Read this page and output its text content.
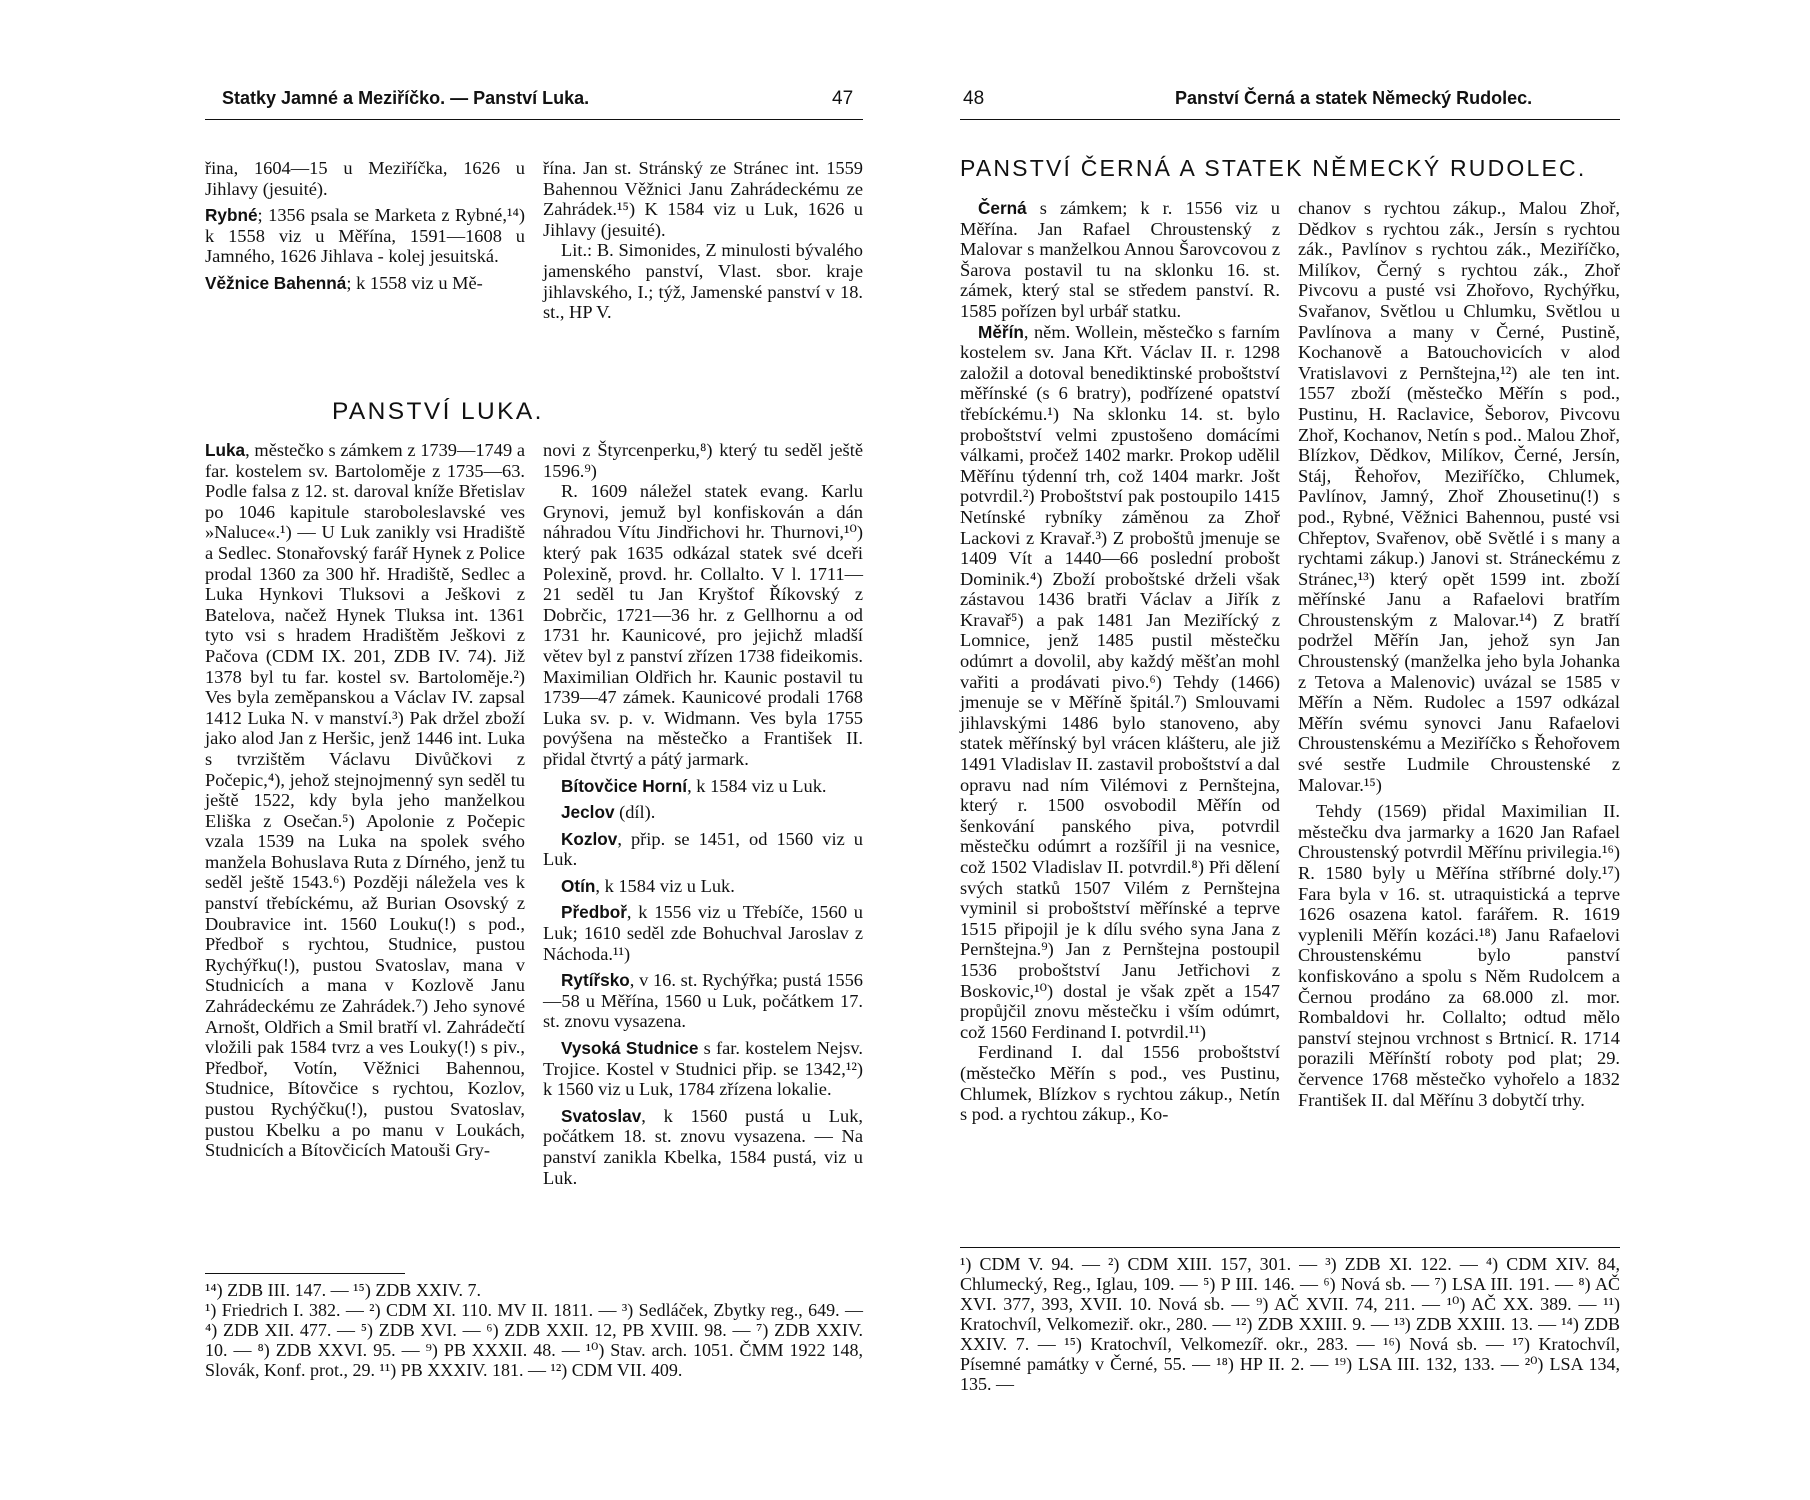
Statky Jamné a Meziříčko. — Panství Luka.	47

řina, 1604—15 u Meziříčka, 1626 u Jihlavy (jesuité).

Rybné; 1356 psala se Marketa z Rybné,¹⁴) k 1558 viz u Měřína, 1591—1608 u Jamného, 1626 Jihlava - kolej jesuitská.

Věžnice Bahenná; k 1558 viz u Mě-

řína. Jan st. Stránský ze Stránec int. 1559 Bahennou Věžnici Janu Zahrádeckému ze Zahrádek.¹⁵) K 1584 viz u Luk, 1626 u Jihlavy (jesuité).

Lit.: B. Simonides, Z minulosti bývalého jamenského panství, Vlast. sbor. kraje jihlavského, I.; týž, Jamenské panství v 18. st., HP V.

PANSTVÍ LUKA.

Luka, městečko s zámkem z 1739—1749 a far. kostelem sv. Bartoloměje z 1735—63. Podle falsa z 12. st. daroval kníže Břetislav po 1046 kapitule staroboleslavské ves »Naluce«.¹) — U Luk zanikly vsi Hradiště a Sedlec. Stonařovský farář Hynek z Police prodal 1360 za 300 hř. Hradiště, Sedlec a Luka Hynkovi Tluksovi a Ješkovi z Batelova, načež Hynek Tluksa int. 1361 tyto vsi s hradem Hradištěm Ješkovi z Pačova (CDM IX. 201, ZDB IV. 74). Již 1378 byl tu far. kostel sv. Bartoloměje.²) Ves byla zeměpanskou a Václav IV. zapsal 1412 Luka N. v manství.³) Pak držel zboží jako alod Jan z Heršic, jenž 1446 int. Luka s tvrzištěm Václavu Divůčkovi z Počepic,⁴), jehož stejnojmenný syn seděl tu ještě 1522, kdy byla jeho manželkou Eliška z Osečan.⁵) Apolonie z Počepic vzala 1539 na Luka na spolek svého manžela Bohuslava Ruta z Dírného, jenž tu seděl ještě 1543.⁶) Později náležela ves k panství třebíckému, až Burian Osovský z Doubravice int. 1560 Louku(!) s pod., Předboř s rychtou, Studnice, pustou Rychýřku(!), pustou Svatoslav, mana v Studnicích a mana v Kozlově Janu Zahrádeckému ze Zahrádek.⁷) Jeho synové Arnošt, Oldřich a Smil bratří vl. Zahrádečtí vložili pak 1584 tvrz a ves Louky(!) s piv., Předboř, Votín, Věžnici Bahennou, Studnice, Bítovčice s rychtou, Kozlov, pustou Rychýčku(!), pustou Svatoslav, pustou Kbelku a po manu v Loukách, Studnicích a Bítovčicích Matouši Gry-

novi z Štyrcenperku,⁸) který tu seděl ještě 1596.⁹)

R. 1609 náležel statek evang. Karlu Grynovi, jemuž byl konfiskován a dán náhradou Vítu Jindřichovi hr. Thurnovi,¹⁰) který pak 1635 odkázal statek své dceři Polexině, provd. hr. Collalto. V l. 1711—21 seděl tu Jan Kryštof Říkovský z Dobrčic, 1721—36 hr. z Gellhornu a od 1731 hr. Kaunicové, pro jejichž mladší větev byl z panství zřízen 1738 fideikomis. Maximilian Oldřich hr. Kaunic postavil tu 1739—47 zámek. Kaunicové prodali 1768 Luka sv. p. v. Widmann. Ves byla 1755 povýšena na městečko a František II. přidal čtvrtý a pátý jarmark.

Bítovčice Horní, k 1584 viz u Luk.

Jeclov (díl).

Kozlov, přip. se 1451, od 1560 viz u Luk.

Otín, k 1584 viz u Luk.

Předboř, k 1556 viz u Třebíče, 1560 u Luk; 1610 seděl zde Bohuchval Jaroslav z Náchoda.¹¹)

Rytířsko, v 16. st. Rychýřka; pustá 1556—58 u Měřína, 1560 u Luk, počátkem 17. st. znovu vysazena.

Vysoká Studnice s far. kostelem Nejsv. Trojice. Kostel v Studnici přip. se 1342,¹²) k 1560 viz u Luk, 1784 zřízena lokalie.

Svatoslav, k 1560 pustá u Luk, počátkem 18. st. znovu vysazena. — Na panství zanikla Kbelka, 1584 pustá, viz u Luk.

¹⁴) ZDB III. 147. — ¹⁵) ZDB XXIV. 7.

¹) Friedrich I. 382. — ²) CDM XI. 110. MV II. 1811. — ³) Sedláček, Zbytky reg., 649. — ⁴) ZDB XII. 477. — ⁵) ZDB XVI. — ⁶) ZDB XXII. 12, PB XVIII. 98. — ⁷) ZDB XXIV. 10. — ⁸) ZDB XXVI. 95. — ⁹) PB XXXII. 48. — ¹⁰) Stav. arch. 1051. ČMM 1922 148, Slovák, Konf. prot., 29. ¹¹) PB XXXIV. 181. — ¹²) CDM VII. 409.

48	Panství Černá a statek Německý Rudolec.
PANSTVÍ ČERNÁ A STATEK NĚMECKÝ RUDOLEC.

Černá s zámkem; k r. 1556 viz u Měřína. Jan Rafael Chroustenský z Malovar s manželkou Annou Šarovcovou z Šarova postavil tu na sklonku 16. st. zámek, který stal se středem panství. R. 1585 pořízen byl urbář statku.

Měřín, něm. Wollein, městečko s farním kostelem sv. Jana Křt. Václav II. r. 1298 založil a dotoval benediktinské proboštství měřínské (s 6 bratry), podřízené opatství třebíckému.¹) Na sklonku 14. st. bylo proboštství velmi zpustošeno domácími válkami, pročež 1402 markr. Prokop udělil Měřínu týdenní trh, což 1404 markr. Jošt potvrdil.²) Proboštství pak postoupilo 1415 Netínské rybníky záměnou za Zhoř Lackovi z Kravař.³) Z proboštů jmenuje se 1409 Vít a 1440—66 poslední probošt Dominik.⁴) Zboží proboštské drželi však zástavou 1436 bratři Václav a Jiřík z Kravař⁵) a pak 1481 Jan Meziřícký z Lomnice, jenž 1485 pustil městečku odúmrt a dovolil, aby každý měšťan mohl vařiti a prodávati pivo.⁶) Tehdy (1466) jmenuje se v Měříně špitál.⁷) Smlouvami jihlavskými 1486 bylo stanoveno, aby statek měřínský byl vrácen klášteru, ale již 1491 Vladislav II. zastavil proboštství a dal opravu nad ním Vilémovi z Pernštejna, který r. 1500 osvobodil Měřín od šenkování panského piva, potvrdil městečku odúmrt a rozšířil ji na vesnice, což 1502 Vladislav II. potvrdil.⁸) Při dělení svých statků 1507 Vilém z Pernštejna vyminil si proboštství měřínské a teprve 1515 připojil je k dílu svého syna Jana z Pernštejna.⁹) Jan z Pernštejna postoupil 1536 proboštství Janu Jetřichovi z Boskovic,¹⁰) dostal je však zpět a 1547 propůjčil znovu městečku i vším odúmrt, což 1560 Ferdinand I. potvrdil.¹¹)

Ferdinand I. dal 1556 proboštství (městečko Měřín s pod., ves Pustinu, Chlumek, Blízkov s rychtou zákup., Netín s pod. a rychtou zákup., Ko-

chanov s rychtou zákup., Malou Zhoř, Dědkov s rychtou zák., Jersín s rychtou zák., Pavlínov s rychtou zák., Meziříčko, Milíkov, Černý s rychtou zák., Zhoř Pivcovu a pusté vsi Zhořovo, Rychýřku, Svařanov, Světlou u Chlumku, Světlou u Pavlínova a many v Černé, Pustině, Kochanově a Batouchovicích v alod Vratislavovi z Pernštejna,¹²) ale ten int. 1557 zboží (městečko Měřín s pod., Pustinu, H. Raclavice, Šeborov, Pivcovu Zhoř, Kochanov, Netín s pod.. Malou Zhoř, Blízkov, Dědkov, Milíkov, Černé, Jersín, Stáj, Řehořov, Meziříčko, Chlumek, Pavlínov, Jamný, Zhoř Zhousetinu(!) s pod., Rybné, Věžnici Bahennou, pusté vsi Chřeptov, Svařenov, obě Světlé i s many a rychtami zákup.) Janovi st. Stráneckému z Stránec,¹³) který opět 1599 int. zboží měřínské Janu a Rafaelovi bratřím Chroustenským z Malovar.¹⁴) Z bratří podržel Měřín Jan, jehož syn Jan Chroustenský (manželka jeho byla Johanka z Tetova a Malenovic) uvázal se 1585 v Měřín a Něm. Rudolec a 1597 odkázal Měřín svému synovci Janu Rafaelovi Chroustenskému a Meziříčko s Řehořovem své sestře Ludmile Chroustenské z Malovar.¹⁵)

Tehdy (1569) přidal Maximilian II. městečku dva jarmarky a 1620 Jan Rafael Chroustenský potvrdil Měřínu privilegia.¹⁶) R. 1580 byly u Měřína stříbrné doly.¹⁷) Fara byla v 16. st. utraquistická a teprve 1626 osazena katol. farářem. R. 1619 vyplenili Měřín kozáci.¹⁸) Janu Rafaelovi Chroustenskému bylo panství konfiskováno a spolu s Něm Rudolcem a Černou prodáno za 68.000 zl. mor. Rombaldovi hr. Collalto; odtud mělo panství stejnou vrchnost s Brtnicí. R. 1714 porazili Měřínští roboty pod plat; 29. července 1768 městečko vyhořelo a 1832 František II. dal Měřínu 3 dobytčí trhy.

¹) CDM V. 94. — ²) CDM XIII. 157, 301. — ³) ZDB XI. 122. — ⁴) CDM XIV. 84, Chlumecký, Reg., Iglau, 109. — ⁵) P III. 146. — ⁶) Nová sb. — ⁷) LSA III. 191. — ⁸) AČ XVI. 377, 393, XVII. 10. Nová sb. — ⁹) AČ XVII. 74, 211. — ¹⁰) AČ XX. 389. — ¹¹) Kratochvíl, Velkomeziř. okr., 280. — ¹²) ZDB XXIII. 9. — ¹³) ZDB XXIII. 13. — ¹⁴) ZDB XXIV. 7. — ¹⁵) Kratochvíl, Velkomezíř. okr., 283. — ¹⁶) Nová sb. — ¹⁷) Kratochvíl, Písemné památky v Černé, 55. — ¹⁸) HP II. 2. — ¹⁹) LSA III. 132, 133. — ²⁰) LSA 134, 135. —
